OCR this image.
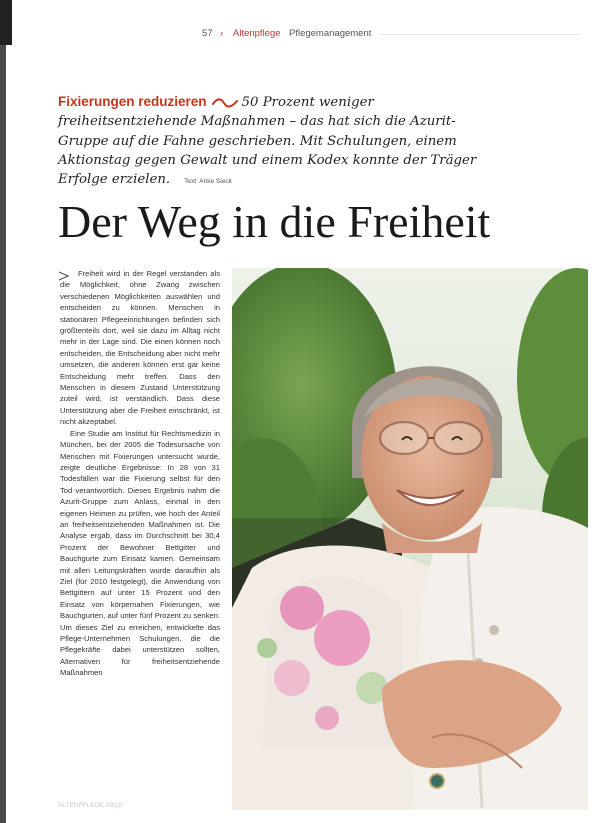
57 › Altenpflege Pflegemanagement
Fixierungen reduzieren	50 Prozent weniger freiheitsentziehende Maßnahmen – das hat sich die Azurit-Gruppe auf die Fahne geschrieben. Mit Schulungen, einem Aktionstag gegen Gewalt und einem Kodex konnte der Träger Erfolge erzielen. Text: Anke Sieck
Der Weg in die Freiheit

Freiheit wird in der Regel verstanden als die Möglichkeit, ohne Zwang zwischen verschiedenen Möglichkeiten auswählen und entscheiden zu können. Menschen in stationären Pflegeeinrichtungen befinden sich größtenteils dort, weil sie dazu im Alltag nicht mehr in der Lage sind. Die einen können noch entscheiden, die Entscheidung aber nicht mehr umsetzen, die anderen können erst gar keine Entscheidung mehr treffen. Dass den Menschen in diesem Zustand Unterstützung zuteil wird, ist verständlich. Dass diese Unterstützung aber die Freiheit einschränkt, ist nicht akzeptabel.

Eine Studie am Institut für Rechtsmedizin in München, bei der 2005 die Todesursache von Menschen mit Fixierungen untersucht wurde, zeigte deutliche Ergebnisse: In 28 von 31 Todesfällen war die Fixierung selbst für den Tod verantwortlich. Dieses Ergebnis nahm die Azurit-Gruppe zum Anlass, einmal in den eigenen Heimen zu prüfen, wie hoch der Anteil an freiheitsentziehenden Maßnahmen ist. Die Analyse ergab, dass im Durchschnitt bei 30,4 Prozent der Bewohner Bettgitter und Bauchgurte zum Einsatz kamen. Gemeinsam mit allen Leitungskräften wurde daraufhin als Ziel (für 2010 festgelegt), die Anwendung von Bettgittern auf unter 15 Prozent und den Einsatz von körpernahen Fixierungen, wie Bauchgurten, auf unter fünf Prozent zu senken. Um dieses Ziel zu erreichen, entwickelte das Pflege-Unternehmen Schulungen, die die Pflegekräfte dabei unterstützen sollten, Alternativen für freiheitsentziehende Maßnahmen

ALTENPFLEGE 09|10
